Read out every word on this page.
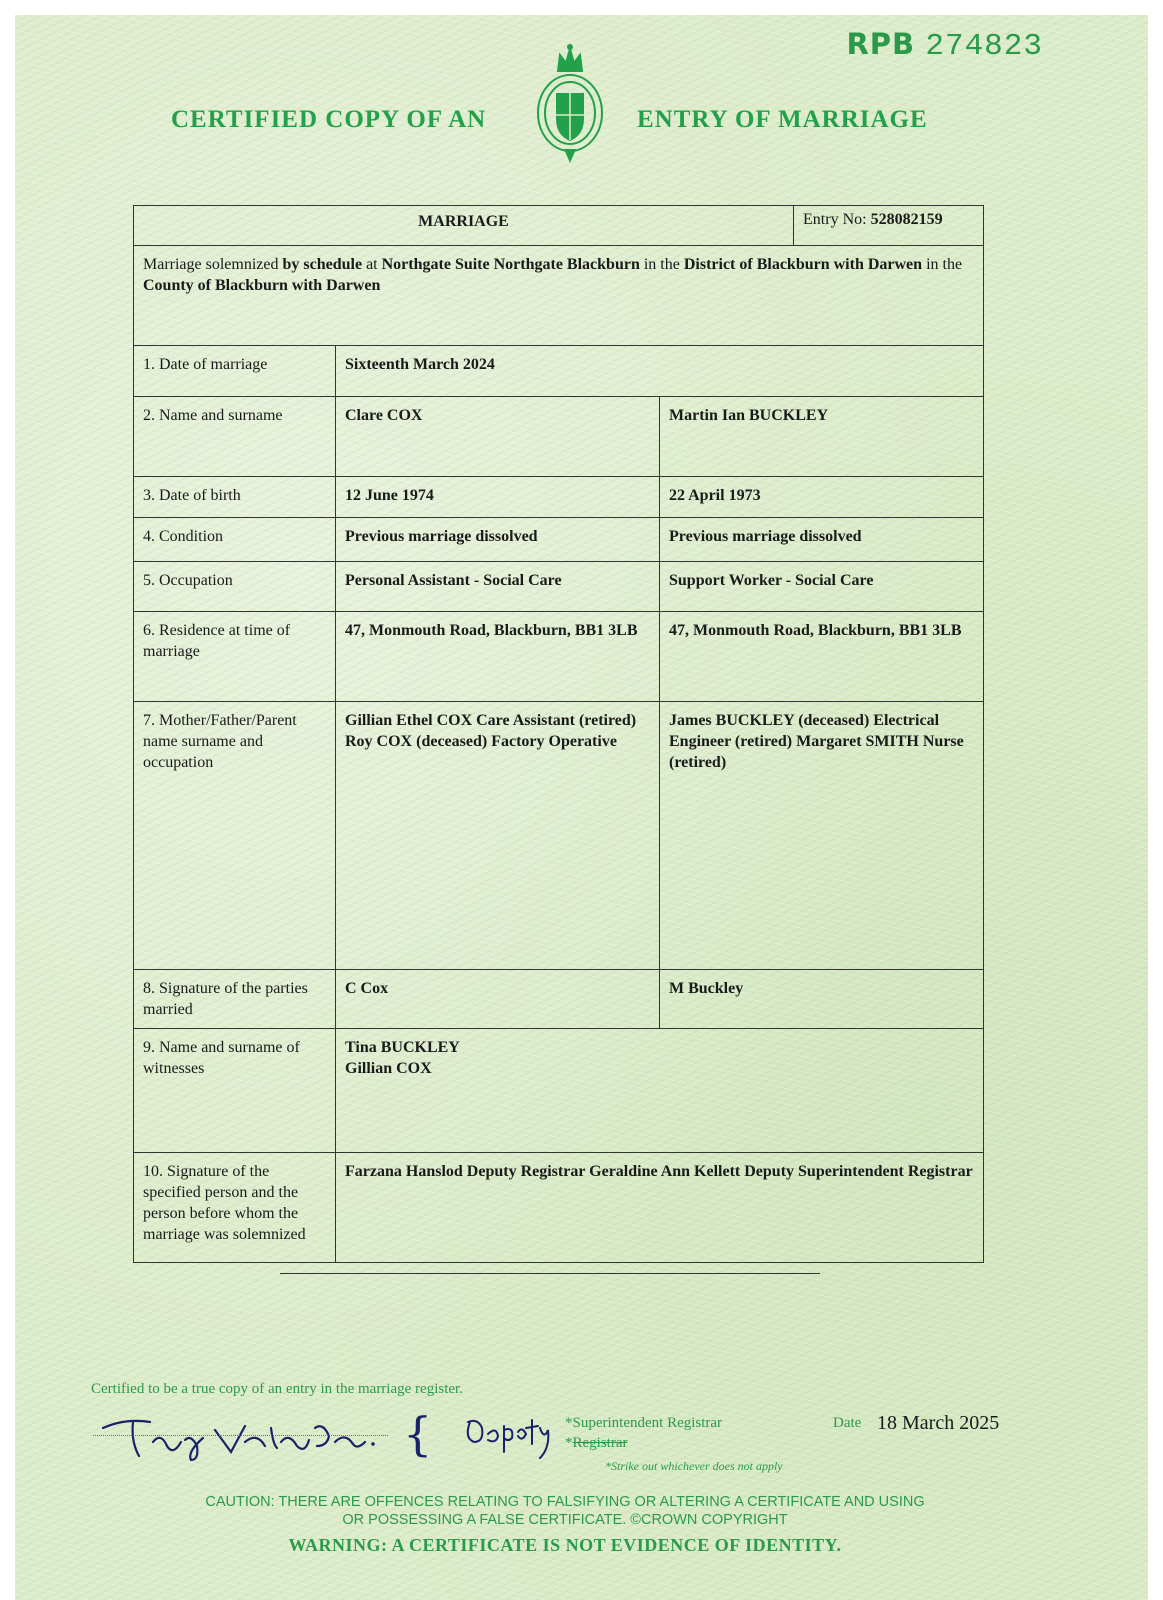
RPB 274823
CERTIFIED COPY OF AN	ENTRY OF MARRIAGE
MARRIAGE	Entry No: 528082159
Marriage solemnized by schedule at Northgate Suite Northgate Blackburn in the District of Blackburn with Darwen in the County of Blackburn with Darwen
1. Date of marriage	Sixteenth March 2024
2. Name and surname	Clare COX	Martin Ian BUCKLEY
3. Date of birth	12 June 1974	22 April 1973
4. Condition	Previous marriage dissolved	Previous marriage dissolved
5. Occupation	Personal Assistant - Social Care	Support Worker - Social Care
6. Residence at time of marriage	47, Monmouth Road, Blackburn, BB1 3LB	47, Monmouth Road, Blackburn, BB1 3LB
7. Mother/Father/Parent name surname and occupation	Gillian Ethel COX Care Assistant (retired) Roy COX (deceased) Factory Operative	James BUCKLEY (deceased) Electrical Engineer (retired) Margaret SMITH Nurse (retired)
8. Signature of the parties married	C Cox	M Buckley
9. Name and surname of witnesses	
Tina BUCKLEY
Gillian COX

10. Signature of the specified person and the person before whom the marriage was solemnized	Farzana Hanslod Deputy Registrar Geraldine Ann Kellett Deputy Superintendent Registrar
Certified to be a true copy of an entry in the marriage register.
{	*Superintendent Registrar
*Registrar
*Strike out whichever does not apply
Date 18 March 2025
CAUTION: THERE ARE OFFENCES RELATING TO FALSIFYING OR ALTERING A CERTIFICATE AND USING
OR POSSESSING A FALSE CERTIFICATE. ©CROWN COPYRIGHT
WARNING: A CERTIFICATE IS NOT EVIDENCE OF IDENTITY.
